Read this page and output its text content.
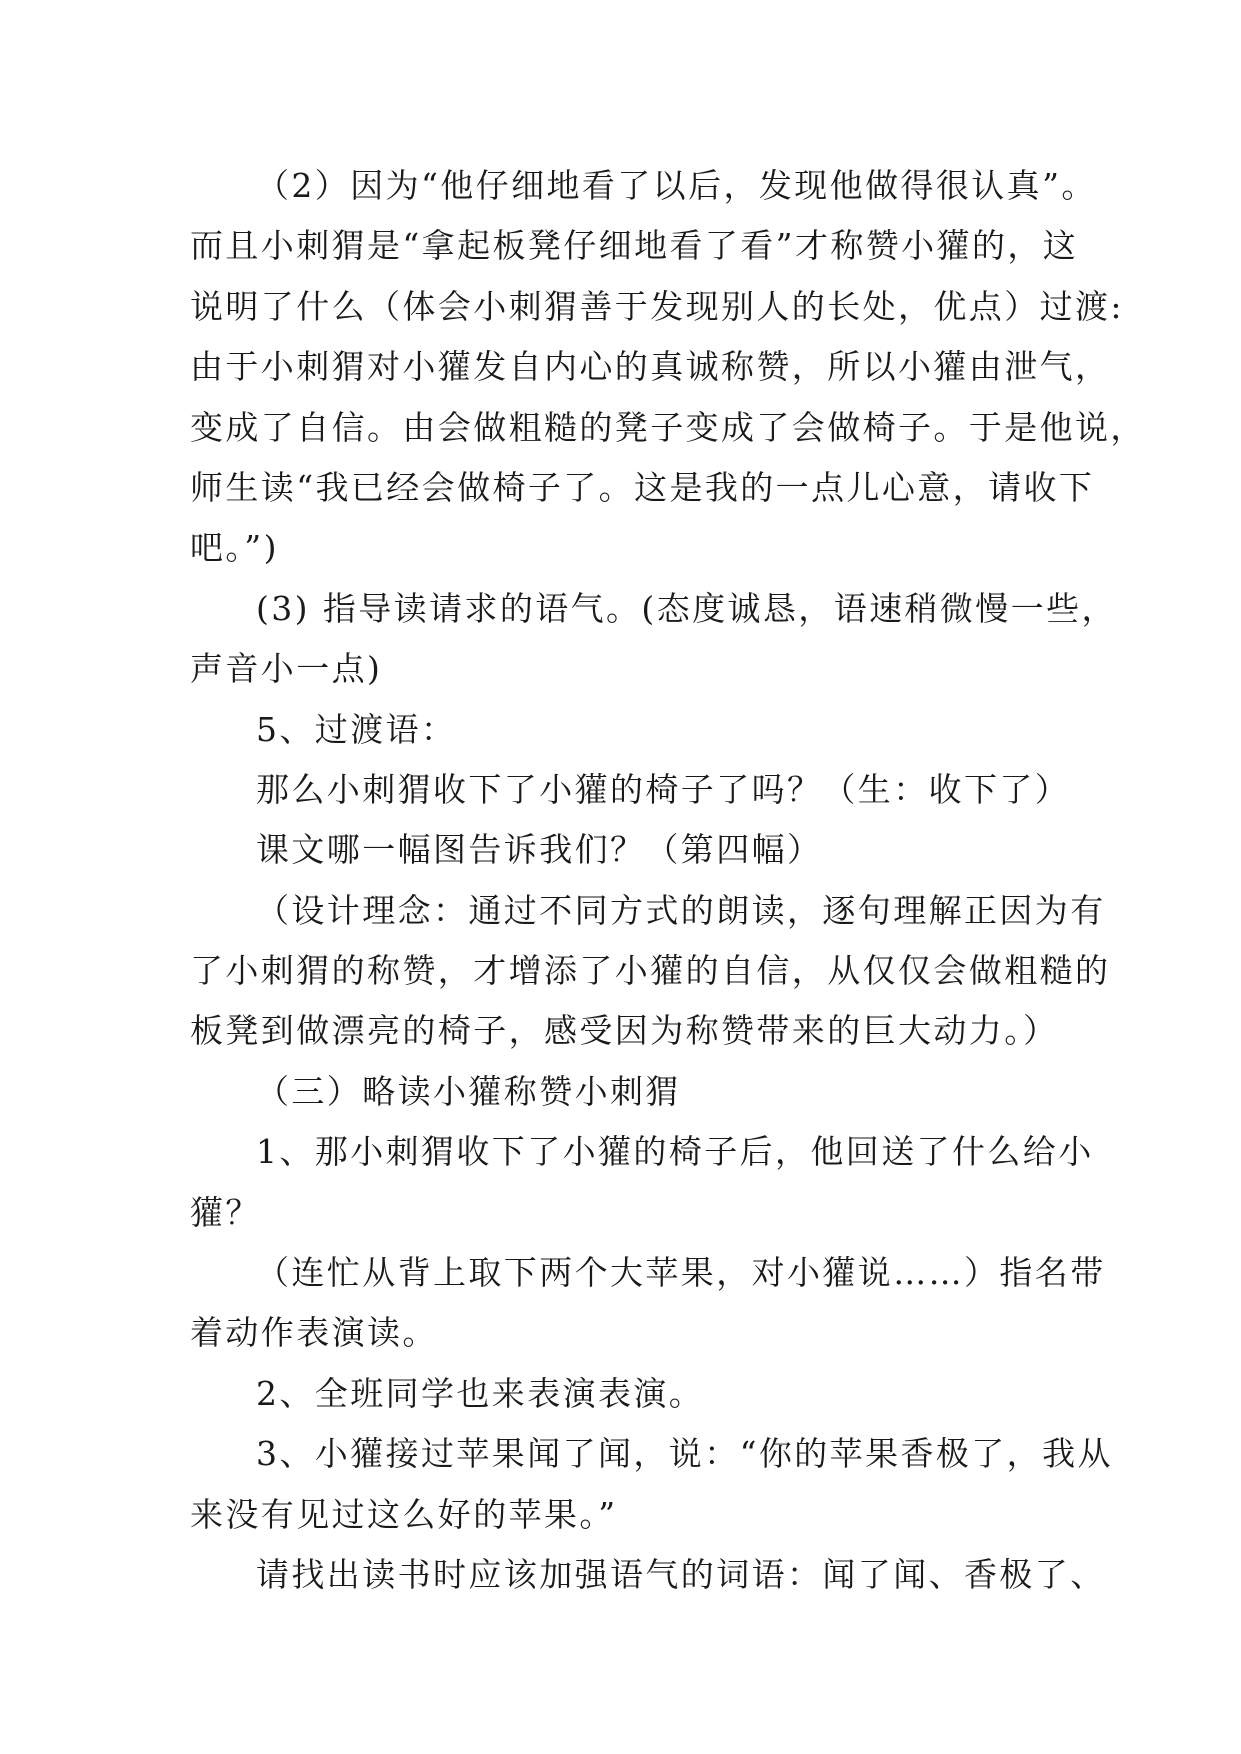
（2）因为“他仔细地看了以后，发现他做得很认真”。
而且小刺猬是“拿起板凳仔细地看了看”才称赞小獾的，这
说明了什么（体会小刺猬善于发现别人的长处，优点）过渡:
由于小刺猬对小獾发自内心的真诚称赞，所以小獾由泄气，
变成了自信。由会做粗糙的凳子变成了会做椅子。于是他说，
师生读“我已经会做椅子了。这是我的一点儿心意，请收下
吧。”)
(3) 指导读请求的语气。(态度诚恳，语速稍微慢一些，
声音小一点)
5、过渡语：
那么小刺猬收下了小獾的椅子了吗？（生：收下了）
课文哪一幅图告诉我们？（第四幅）
（设计理念：通过不同方式的朗读，逐句理解正因为有
了小刺猬的称赞，才增添了小獾的自信，从仅仅会做粗糙的
板凳到做漂亮的椅子，感受因为称赞带来的巨大动力。）
（三）略读小獾称赞小刺猬
1、那小刺猬收下了小獾的椅子后，他回送了什么给小
獾？
（连忙从背上取下两个大苹果，对小獾说……）指名带
着动作表演读。
2、全班同学也来表演表演。
3、小獾接过苹果闻了闻，说：“你的苹果香极了，我从
来没有见过这么好的苹果。”
请找出读书时应该加强语气的词语：闻了闻、香极了、
